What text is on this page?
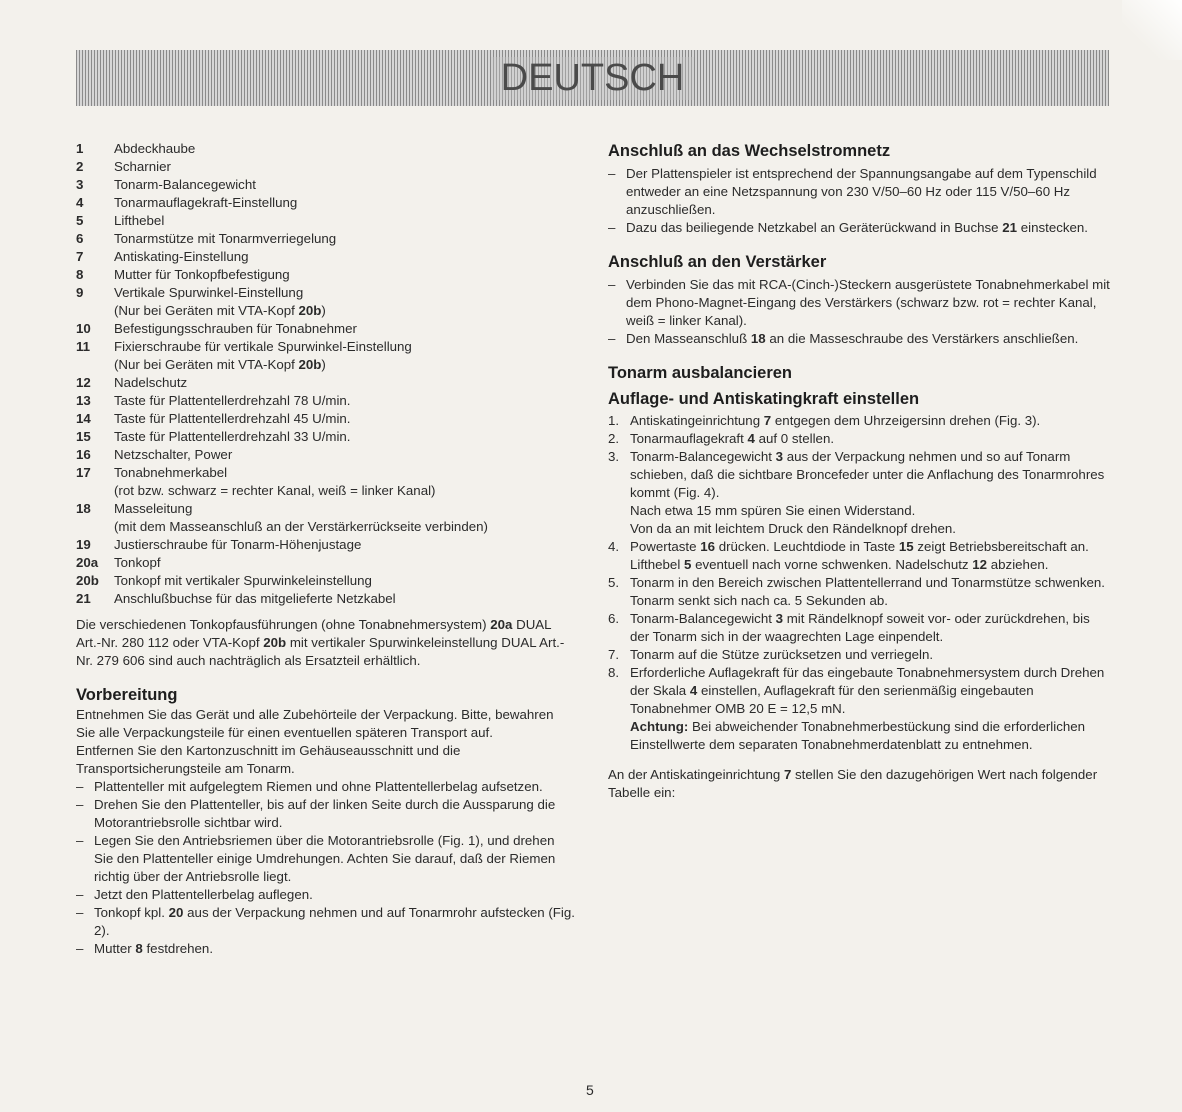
DEUTSCH
1	Abdeckhaube
2	Scharnier
3	Tonarm-Balancegewicht
4	Tonarmauflagekraft-Einstellung
5	Lifthebel
6	Tonarmstütze mit Tonarmverriegelung
7	Antiskating-Einstellung
8	Mutter für Tonkopfbefestigung
9	Vertikale Spurwinkel-Einstellung
(Nur bei Geräten mit VTA-Kopf 20b)
10	Befestigungsschrauben für Tonabnehmer
11	Fixierschraube für vertikale Spurwinkel-Einstellung
(Nur bei Geräten mit VTA-Kopf 20b)
12	Nadelschutz
13	Taste für Plattentellerdrehzahl 78 U/min.
14	Taste für Plattentellerdrehzahl 45 U/min.
15	Taste für Plattentellerdrehzahl 33 U/min.
16	Netzschalter, Power
17	Tonabnehmerkabel
(rot bzw. schwarz = rechter Kanal, weiß = linker Kanal)
18	Masseleitung
(mit dem Masseanschluß an der Verstärkerrückseite verbinden)
19	Justierschraube für Tonarm-Höhenjustage
20a	Tonkopf
20b	Tonkopf mit vertikaler Spurwinkeleinstellung
21	Anschlußbuchse für das mitgelieferte Netzkabel

Die verschiedenen Tonkopfausführungen (ohne Tonabnehmersystem) 20a DUAL Art.-Nr. 280 112 oder VTA-Kopf 20b mit vertikaler Spurwinkeleinstellung DUAL Art.-Nr. 279 606 sind auch nachträglich als Ersatzteil erhältlich.

Vorbereitung

Entnehmen Sie das Gerät und alle Zubehörteile der Verpackung. Bitte, bewahren Sie alle Verpackungsteile für einen eventuellen späteren Transport auf.

Entfernen Sie den Kartonzuschnitt im Gehäuseausschnitt und die Transportsicherungsteile am Tonarm.

– Plattenteller mit aufgelegtem Riemen und ohne Plattentellerbelag aufsetzen.
– Drehen Sie den Plattenteller, bis auf der linken Seite durch die Aussparung die Motorantriebsrolle sichtbar wird.
– Legen Sie den Antriebsriemen über die Motorantriebsrolle (Fig. 1), und drehen Sie den Plattenteller einige Umdrehungen. Achten Sie darauf, daß der Riemen richtig über der Antriebsrolle liegt.
– Jetzt den Plattentellerbelag auflegen.
– Tonkopf kpl. 20 aus der Verpackung nehmen und auf Tonarmrohr aufstecken (Fig. 2).
– Mutter 8 festdrehen.
Anschluß an das Wechselstromnetz
– Der Plattenspieler ist entsprechend der Spannungsangabe auf dem Typenschild entweder an eine Netzspannung von 230 V/50–60 Hz oder 115 V/50–60 Hz anzuschließen.
– Dazu das beiliegende Netzkabel an Geräterückwand in Buchse 21 einstecken.
Anschluß an den Verstärker
– Verbinden Sie das mit RCA-(Cinch-)Steckern ausgerüstete Tonabnehmerkabel mit dem Phono-Magnet-Eingang des Verstärkers (schwarz bzw. rot = rechter Kanal, weiß = linker Kanal).
– Den Masseanschluß 18 an die Masseschraube des Verstärkers anschließen.
Tonarm ausbalancieren
Auflage- und Antiskatingkraft einstellen
1. Antiskatingeinrichtung 7 entgegen dem Uhrzeigersinn drehen (Fig. 3).
2. Tonarmauflagekraft 4 auf 0 stellen.
3. Tonarm-Balancegewicht 3 aus der Verpackung nehmen und so auf Tonarm schieben, daß die sichtbare Broncefeder unter die Anflachung des Tonarmrohres kommt (Fig. 4).
Nach etwa 15 mm spüren Sie einen Widerstand.
Von da an mit leichtem Druck den Rändelknopf drehen.
4. Powertaste 16 drücken. Leuchtdiode in Taste 15 zeigt Betriebsbereitschaft an. Lifthebel 5 eventuell nach vorne schwenken. Nadelschutz 12 abziehen.
5. Tonarm in den Bereich zwischen Plattentellerrand und Tonarmstütze schwenken. Tonarm senkt sich nach ca. 5 Sekunden ab.
6. Tonarm-Balancegewicht 3 mit Rändelknopf soweit vor- oder zurückdrehen, bis der Tonarm sich in der waagrechten Lage einpendelt.
7. Tonarm auf die Stütze zurücksetzen und verriegeln.
8. Erforderliche Auflagekraft für das eingebaute Tonabnehmersystem durch Drehen der Skala 4 einstellen, Auflagekraft für den serienmäßig eingebauten Tonabnehmer OMB 20 E = 12,5 mN.
Achtung: Bei abweichender Tonabnehmerbestückung sind die erforderlichen Einstellwerte dem separaten Tonabnehmerdatenblatt zu entnehmen.

An der Antiskatingeinrichtung 7 stellen Sie den dazugehörigen Wert nach folgender Tabelle ein:

5
